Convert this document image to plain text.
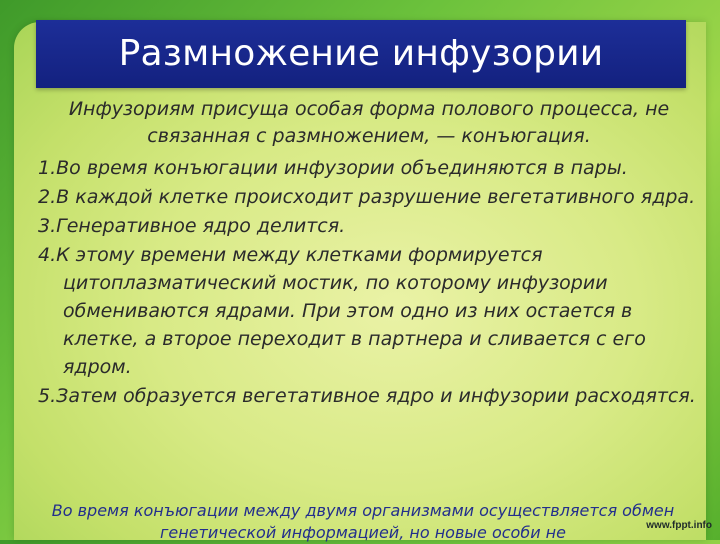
Размножение инфузории

Инфузориям присуща особая форма полового процесса, не связанная с размножением, — конъюгация.

1.Во время конъюгации инфузории объединяются в пары.
2.В каждой клетке происходит разрушение вегетативного ядра.
3.Генеративное ядро делится.
4.К этому времени между клетками формируется цитоплазматический мостик, по которому инфузории обмениваются ядрами. При этом одно из них остается в клетке, а второе переходит в партнера и сливается с его ядром.
5.Затем образуется вегетативное ядро и инфузории расходятся.
Во время конъюгации между двумя организмами осуществляется обмен генетической информацией, но новые особи не	www.fppt.info
